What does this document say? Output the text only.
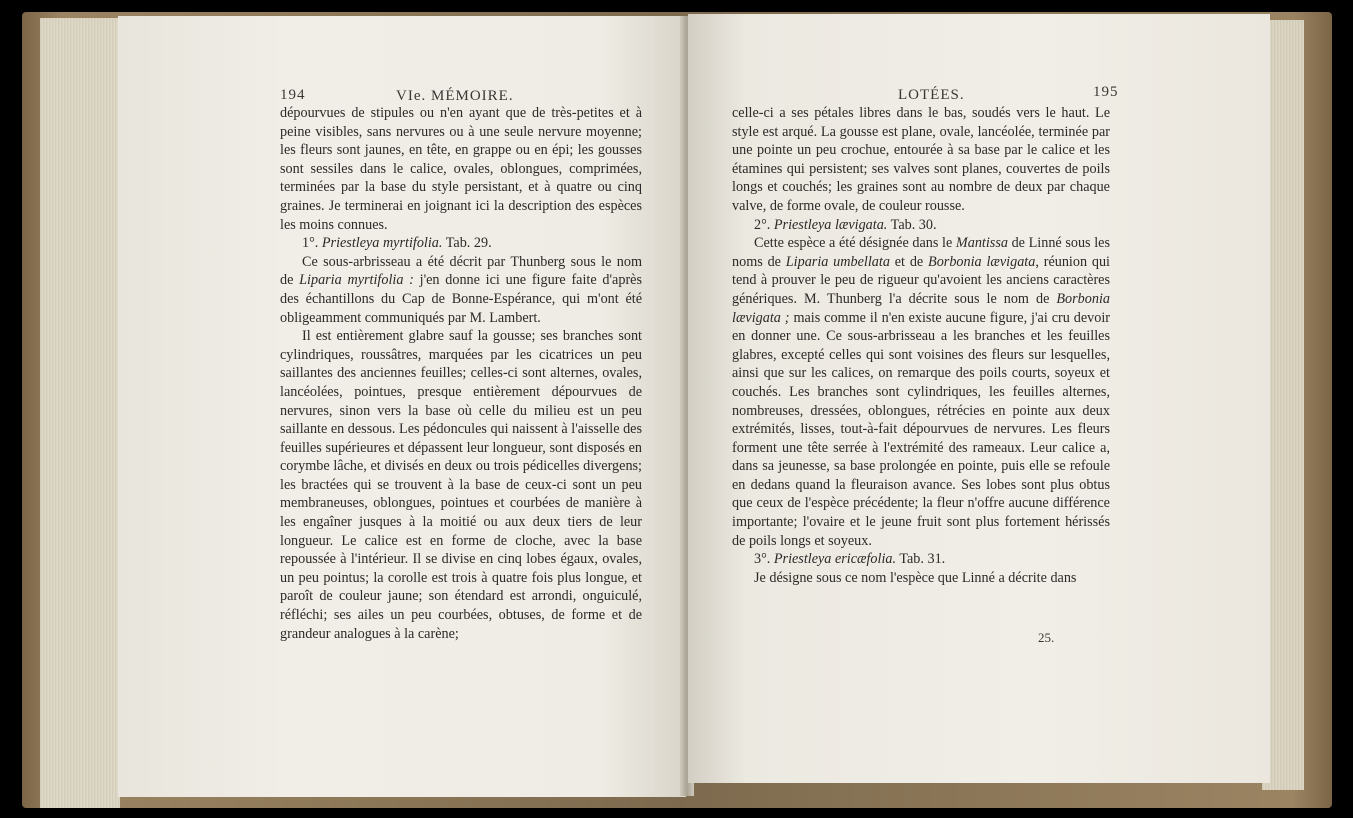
194	VIe. MÉMOIRE.

dépourvues de stipules ou n'en ayant que de très-petites et à peine visibles, sans nervures ou à une seule nervure moyenne; les fleurs sont jaunes, en tête, en grappe ou en épi; les gousses sont sessiles dans le calice, ovales, oblongues, comprimées, terminées par la base du style persistant, et à quatre ou cinq graines. Je terminerai en joignant ici la description des espèces les moins connues.

1°. Priestleya myrtifolia. Tab. 29.

Ce sous-arbrisseau a été décrit par Thunberg sous le nom de Liparia myrtifolia : j'en donne ici une figure faite d'après des échantillons du Cap de Bonne-Espérance, qui m'ont été obligeamment communiqués par M. Lambert.

Il est entièrement glabre sauf la gousse; ses branches sont cylindriques, roussâtres, marquées par les cicatrices un peu saillantes des anciennes feuilles; celles-ci sont alternes, ovales, lancéolées, pointues, presque entièrement dépourvues de nervures, sinon vers la base où celle du milieu est un peu saillante en dessous. Les pédoncules qui naissent à l'aisselle des feuilles supérieures et dépassent leur longueur, sont disposés en corymbe lâche, et divisés en deux ou trois pédicelles divergens; les bractées qui se trouvent à la base de ceux-ci sont un peu membraneuses, oblongues, pointues et courbées de manière à les engaîner jusques à la moitié ou aux deux tiers de leur longueur. Le calice est en forme de cloche, avec la base repoussée à l'intérieur. Il se divise en cinq lobes égaux, ovales, un peu pointus; la corolle est trois à quatre fois plus longue, et paroît de couleur jaune; son étendard est arrondi, onguiculé, réfléchi; ses ailes un peu courbées, obtuses, de forme et de grandeur analogues à la carène;

LOTÉES.	195

celle-ci a ses pétales libres dans le bas, soudés vers le haut. Le style est arqué. La gousse est plane, ovale, lancéolée, terminée par une pointe un peu crochue, entourée à sa base par le calice et les étamines qui persistent; ses valves sont planes, couvertes de poils longs et couchés; les graines sont au nombre de deux par chaque valve, de forme ovale, de couleur rousse.

2°. Priestleya lævigata. Tab. 30.

Cette espèce a été désignée dans le Mantissa de Linné sous les noms de Liparia umbellata et de Borbonia lævigata, réunion qui tend à prouver le peu de rigueur qu'avoient les anciens caractères génériques. M. Thunberg l'a décrite sous le nom de Borbonia lævigata ; mais comme il n'en existe aucune figure, j'ai cru devoir en donner une. Ce sous-arbrisseau a les branches et les feuilles glabres, excepté celles qui sont voisines des fleurs sur lesquelles, ainsi que sur les calices, on remarque des poils courts, soyeux et couchés. Les branches sont cylindriques, les feuilles alternes, nombreuses, dressées, oblongues, rétrécies en pointe aux deux extrémités, lisses, tout-à-fait dépourvues de nervures. Les fleurs forment une tête serrée à l'extrémité des rameaux. Leur calice a, dans sa jeunesse, sa base prolongée en pointe, puis elle se refoule en dedans quand la fleuraison avance. Ses lobes sont plus obtus que ceux de l'espèce précédente; la fleur n'offre aucune différence importante; l'ovaire et le jeune fruit sont plus fortement hérissés de poils longs et soyeux.

3°. Priestleya ericæfolia. Tab. 31.

Je désigne sous ce nom l'espèce que Linné a décrite dans

25.
